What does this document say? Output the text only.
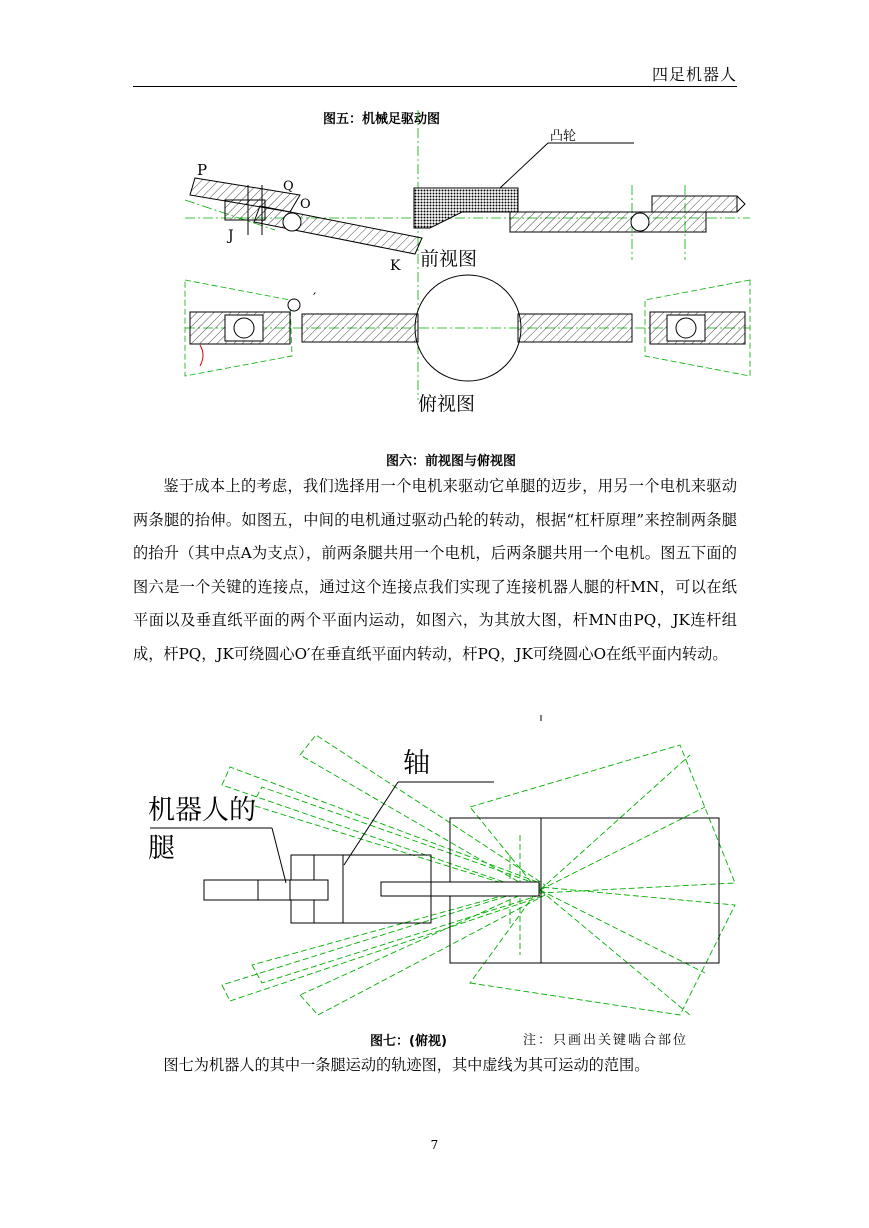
四足机器人
图五：机械足驱动图
P
Q
O
J
K
凸轮
前视图
′
俯视图
图六：前视图与俯视图

鉴于成本上的考虑，我们选择用一个电机来驱动它单腿的迈步，用另一个电机来驱动两条腿的抬伸。如图五，中间的电机通过驱动凸轮的转动，根据“杠杆原理”来控制两条腿的抬升（其中点A为支点），前两条腿共用一个电机，后两条腿共用一个电机。图五下面的图六是一个关键的连接点，通过这个连接点我们实现了连接机器人腿的杆MN，可以在纸平面以及垂直纸平面的两个平面内运动，如图六，为其放大图，杆MN由PQ，JK连杆组成，杆PQ，JK可绕圆心O′在垂直纸平面内转动，杆PQ，JK可绕圆心O在纸平面内转动。

轴
机器人的
腿
图七：(俯视)	注：只画出关键啮合部位
图七为机器人的其中一条腿运动的轨迹图，其中虚线为其可运动的范围。
7
